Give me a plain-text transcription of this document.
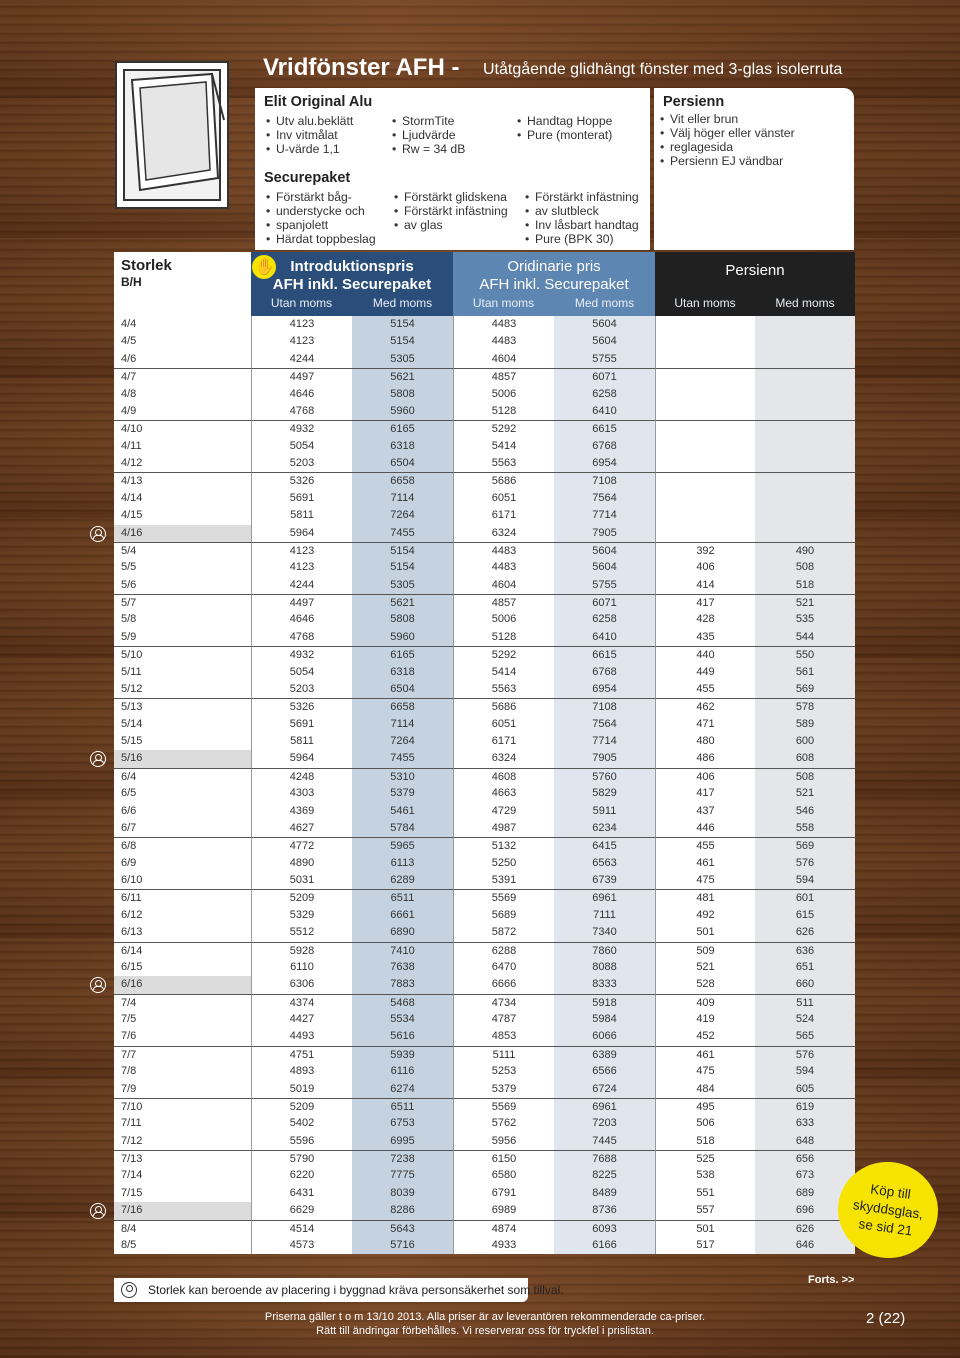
Vridfönster AFH - Utåtgående glidhängt fönster med 3-glas isolerruta
Elit Original Alu
• Utv alu.beklätt
• Inv vitmålat
• U-värde 1,1
• StormTite
• Ljudvärde
• Rw = 34 dB
• Handtag Hoppe
• Pure (monterat)
Securepaket
• Förstärkt båg-
• understycke och
• spanjolett
• Härdat toppbeslag
• Förstärkt glidskena
• Förstärkt infästning
• av glas
• Förstärkt infästning
• av slutbleck
• Inv låsbart handtag
• Pure (BPK 30)
Persienn
• Vit eller brun
• Välj höger eller vänster
• reglagesida
• Persienn EJ vändbar
Storlek
B/H
Introduktionspris
AFH inkl. Securepaket
Utan moms	Med moms
Oridinarie pris
AFH inkl. Securepaket
Utan moms	Med moms
Persienn
Utan moms	Med moms
4/4	4123	5154	4483	5604
4/5	4123	5154	4483	5604
4/6	4244	5305	4604	5755
4/7	4497	5621	4857	6071
4/8	4646	5808	5006	6258
4/9	4768	5960	5128	6410
4/10	4932	6165	5292	6615
4/11	5054	6318	5414	6768
4/12	5203	6504	5563	6954
4/13	5326	6658	5686	7108
4/14	5691	7114	6051	7564
4/15	5811	7264	6171	7714
4/16	5964	7455	6324	7905
5/4	4123	5154	4483	5604	392	490
5/5	4123	5154	4483	5604	406	508
5/6	4244	5305	4604	5755	414	518
5/7	4497	5621	4857	6071	417	521
5/8	4646	5808	5006	6258	428	535
5/9	4768	5960	5128	6410	435	544
5/10	4932	6165	5292	6615	440	550
5/11	5054	6318	5414	6768	449	561
5/12	5203	6504	5563	6954	455	569
5/13	5326	6658	5686	7108	462	578
5/14	5691	7114	6051	7564	471	589
5/15	5811	7264	6171	7714	480	600
5/16	5964	7455	6324	7905	486	608
6/4	4248	5310	4608	5760	406	508
6/5	4303	5379	4663	5829	417	521
6/6	4369	5461	4729	5911	437	546
6/7	4627	5784	4987	6234	446	558
6/8	4772	5965	5132	6415	455	569
6/9	4890	6113	5250	6563	461	576
6/10	5031	6289	5391	6739	475	594
6/11	5209	6511	5569	6961	481	601
6/12	5329	6661	5689	7111	492	615
6/13	5512	6890	5872	7340	501	626
6/14	5928	7410	6288	7860	509	636
6/15	6110	7638	6470	8088	521	651
6/16	6306	7883	6666	8333	528	660
7/4	4374	5468	4734	5918	409	511
7/5	4427	5534	4787	5984	419	524
7/6	4493	5616	4853	6066	452	565
7/7	4751	5939	5111	6389	461	576
7/8	4893	6116	5253	6566	475	594
7/9	5019	6274	5379	6724	484	605
7/10	5209	6511	5569	6961	495	619
7/11	5402	6753	5762	7203	506	633
7/12	5596	6995	5956	7445	518	648
7/13	5790	7238	6150	7688	525	656
7/14	6220	7775	6580	8225	538	673
7/15	6431	8039	6791	8489	551	689
7/16	6629	8286	6989	8736	557	696
8/4	4514	5643	4874	6093	501	626
8/5	4573	5716	4933	6166	517	646
✋
Storlek kan beroende av placering i byggnad kräva personsäkerhet som tillval.
Forts. >>
Priserna gäller t o m 13/10 2013. Alla priser är av leverantören rekommenderade ca-priser.
Rätt till ändringar förbehålles. Vi reserverar oss för tryckfel i prislistan.
2 (22)
Köp till
skyddsglas,
se sid 21
